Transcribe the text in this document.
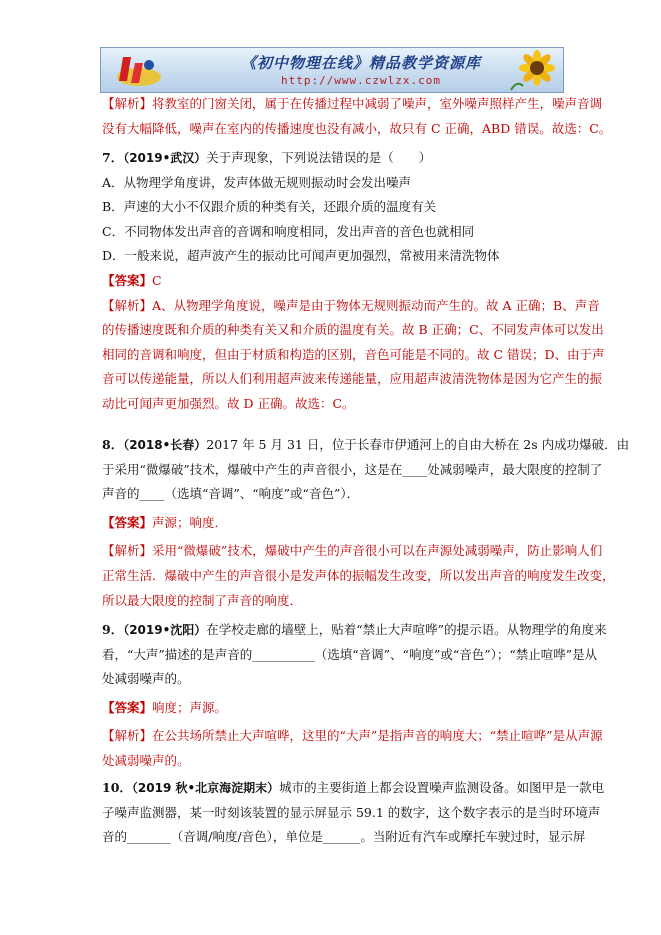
《初中物理在线》精品教学资源库
http://www.czwlzx.com
【解析】将教室的门窗关闭，属于在传播过程中减弱了噪声，室外噪声照样产生，噪声音调
没有大幅降低，噪声在室内的传播速度也没有减小，故只有 C 正确，ABD 错误。故选：C。
7．（2019•武汉）关于声现象，下列说法错误的是（　　）
A．从物理学角度讲，发声体做无规则振动时会发出噪声
B．声速的大小不仅跟介质的种类有关，还跟介质的温度有关
C．不同物体发出声音的音调和响度相同，发出声音的音色也就相同
D．一般来说，超声波产生的振动比可闻声更加强烈，常被用来清洗物体
【答案】C
【解析】A、从物理学角度说，噪声是由于物体无规则振动而产生的。故 A 正确；B、声音
的传播速度既和介质的种类有关又和介质的温度有关。故 B 正确；C、不同发声体可以发出
相同的音调和响度，但由于材质和构造的区别，音色可能是不同的。故 C 错误；D、由于声
音可以传递能量，所以人们利用超声波来传递能量，应用超声波清洗物体是因为它产生的振
动比可闻声更加强烈。故 D 正确。故选：C。
8．（2018•长春）2017 年 5 月 31 日，位于长春市伊通河上的自由大桥在 2s 内成功爆破．由
于采用“微爆破”技术，爆破中产生的声音很小，这是在____处减弱噪声，最大限度的控制了
声音的____（选填“音调”、“响度”或“音色”）．
【答案】声源；响度．
【解析】采用“微爆破”技术，爆破中产生的声音很小可以在声源处减弱噪声，防止影响人们
正常生活．爆破中产生的声音很小是发声体的振幅发生改变，所以发出声音的响度发生改变，
所以最大限度的控制了声音的响度．
9．（2019•沈阳）在学校走廊的墙壁上，贴着“禁止大声喧哗”的提示语。从物理学的角度来
看，“大声”描述的是声音的__________（选填“音调”、“响度”或“音色”）；“禁止喧哗”是从
处减弱噪声的。
【答案】响度；声源。
【解析】在公共场所禁止大声喧哗，这里的“大声”是指声音的响度大；“禁止喧哗”是从声源
处减弱噪声的。
10．（2019 秋•北京海淀期末）城市的主要街道上都会设置噪声监测设备。如图甲是一款电
子噪声监测器，某一时刻该装置的显示屏显示 59.1 的数字，这个数字表示的是当时环境声
音的_______（音调/响度/音色），单位是______。当附近有汽车或摩托车驶过时，显示屏
